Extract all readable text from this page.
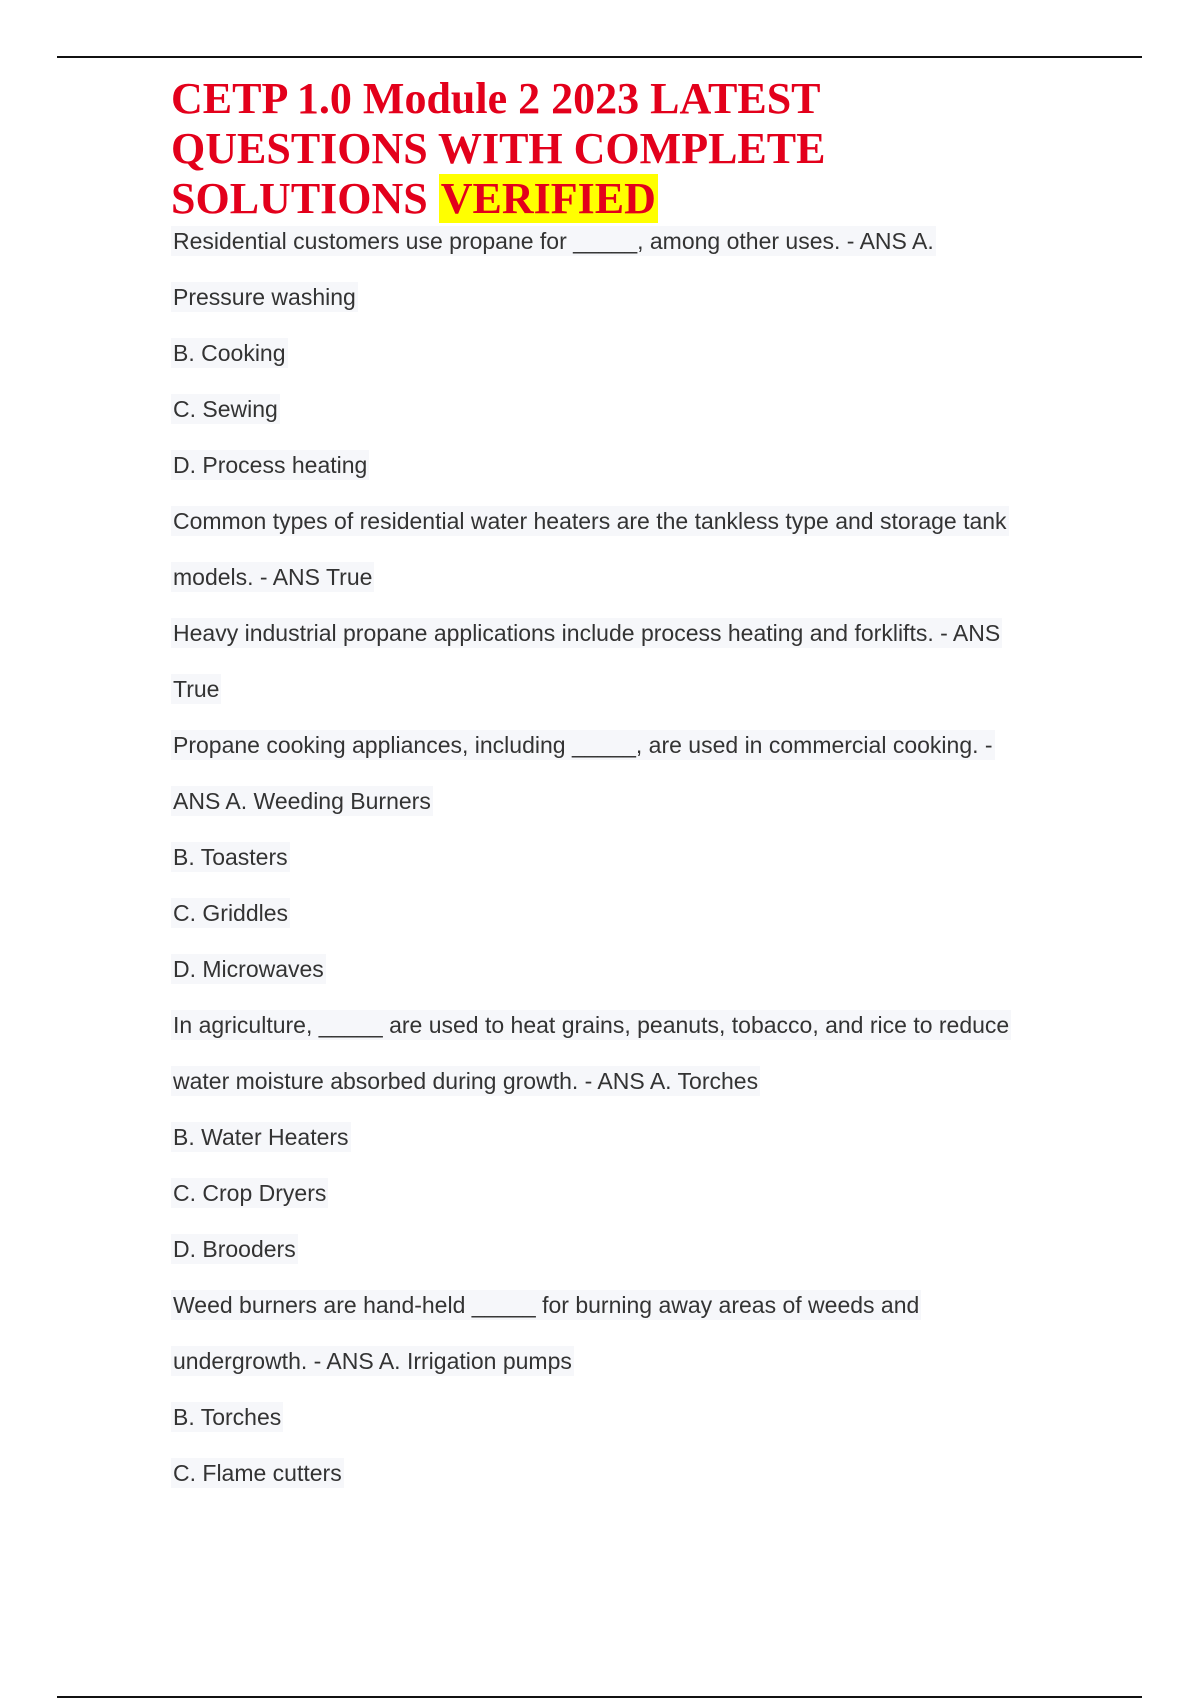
CETP 1.0 Module 2 2023 LATEST
QUESTIONS WITH COMPLETE
SOLUTIONS VERIFIED
Residential customers use propane for _____, among other uses. - ANS A.
Pressure washing
B. Cooking
C. Sewing
D. Process heating
Common types of residential water heaters are the tankless type and storage tank
models. - ANS True
Heavy industrial propane applications include process heating and forklifts. - ANS
True
Propane cooking appliances, including _____, are used in commercial cooking. -
ANS A. Weeding Burners
B. Toasters
C. Griddles
D. Microwaves
In agriculture, _____ are used to heat grains, peanuts, tobacco, and rice to reduce
water moisture absorbed during growth. - ANS A. Torches
B. Water Heaters
C. Crop Dryers
D. Brooders
Weed burners are hand-held _____ for burning away areas of weeds and
undergrowth. - ANS A. Irrigation pumps
B. Torches
C. Flame cutters
